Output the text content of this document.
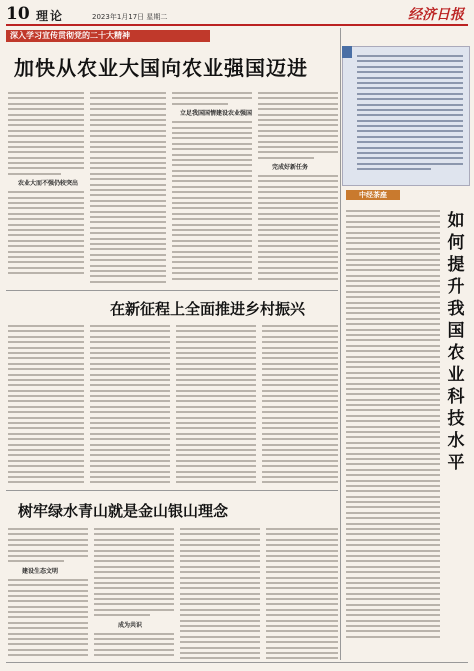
10 理论	2023年1月17日 星期二	经济日报
深入学习宣传贯彻党的二十大精神
加快从农业大国向农业强国迈进
农业大而不强仍较突出
立足我国国情建设农业强国
完成好新任务
在新征程上全面推进乡村振兴
树牢绿水青山就是金山银山理念
建设生态文明
成为共识
中经茶座
如何提升我国农业科技水平
